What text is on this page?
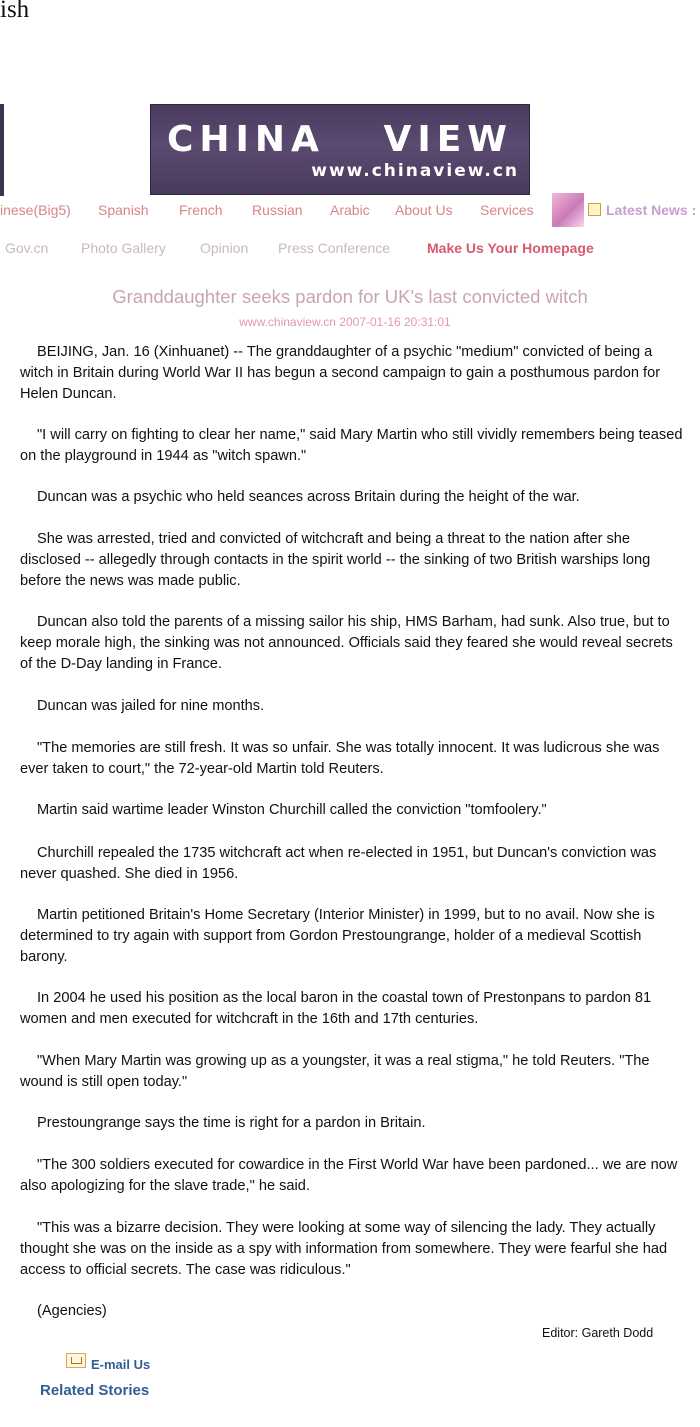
ish
CHINA VIEW
www.chinaview.cn
inese(Big5) Spanish French Russian Arabic About Us Services	Latest News :
Gov.cn Photo Gallery Opinion Press Conference	Make Us Your Homepage
Granddaughter seeks pardon for UK's last convicted witch
www.chinaview.cn 2007-01-16 20:31:01
BEIJING, Jan. 16 (Xinhuanet) -- The granddaughter of a psychic "medium" convicted of being a witch in Britain during World War II has begun a second campaign to gain a posthumous pardon for Helen Duncan.
"I will carry on fighting to clear her name," said Mary Martin who still vividly remembers being teased on the playground in 1944 as "witch spawn."
Duncan was a psychic who held seances across Britain during the height of the war.
She was arrested, tried and convicted of witchcraft and being a threat to the nation after she disclosed -- allegedly through contacts in the spirit world -- the sinking of two British warships long before the news was made public.
Duncan also told the parents of a missing sailor his ship, HMS Barham, had sunk. Also true, but to keep morale high, the sinking was not announced. Officials said they feared she would reveal secrets of the D-Day landing in France.
Duncan was jailed for nine months.
"The memories are still fresh. It was so unfair. She was totally innocent. It was ludicrous she was ever taken to court," the 72-year-old Martin told Reuters.
Martin said wartime leader Winston Churchill called the conviction "tomfoolery."
Churchill repealed the 1735 witchcraft act when re-elected in 1951, but Duncan's conviction was never quashed. She died in 1956.
Martin petitioned Britain's Home Secretary (Interior Minister) in 1999, but to no avail. Now she is determined to try again with support from Gordon Prestoungrange, holder of a medieval Scottish barony.
In 2004 he used his position as the local baron in the coastal town of Prestonpans to pardon 81 women and men executed for witchcraft in the 16th and 17th centuries.
"When Mary Martin was growing up as a youngster, it was a real stigma," he told Reuters. "The wound is still open today."
Prestoungrange says the time is right for a pardon in Britain.
"The 300 soldiers executed for cowardice in the First World War have been pardoned... we are now also apologizing for the slave trade," he said.
"This was a bizarre decision. They were looking at some way of silencing the lady. They actually thought she was on the inside as a spy with information from somewhere. They were fearful she had access to official secrets. The case was ridiculous."
(Agencies)
Editor: Gareth Dodd
E-mail Us
Related Stories
